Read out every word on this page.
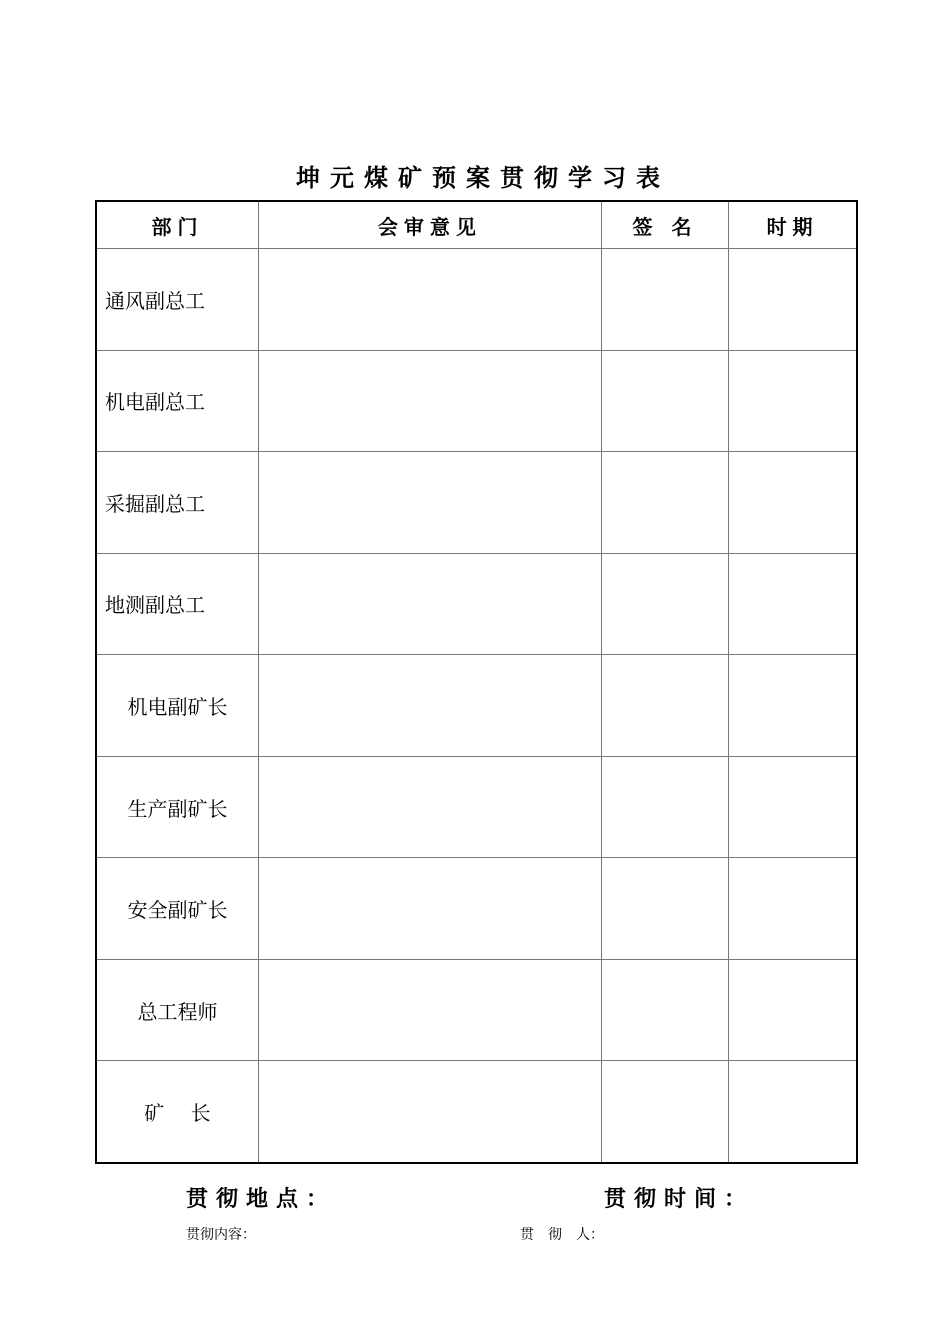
坤元煤矿预案贯彻学习表
部门	会审意见	签 名	时期
通风副总工			
机电副总工			
采掘副总工			
地测副总工			
机电副矿长			
生产副矿长			
安全副矿长			
总工程师			
矿　 长			
贯彻地点：	贯彻时间：
贯彻内容：	贯　彻　人：
